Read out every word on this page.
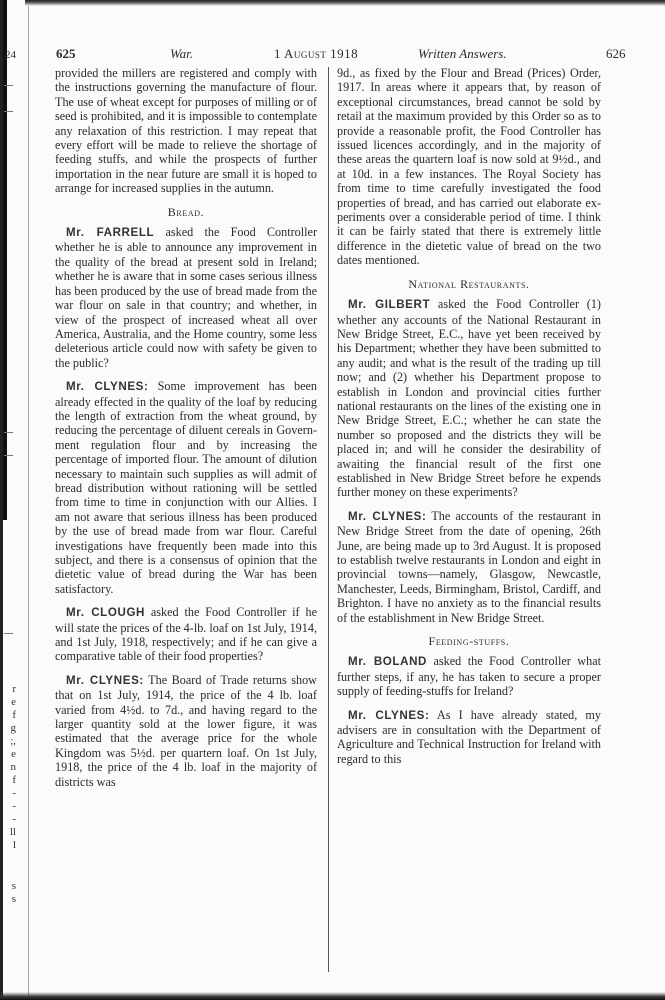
24
r
e
f
g
;,
e
n
f
-
-
-
ll
l
s
s
625	War.	1 August 1918	Written Answers.	626

provided the millers are registered and comply with the instructions governing the manufacture of flour. The use of wheat except for purposes of milling or of seed is prohibited, and it is impossible to contemplate any relaxation of this restriction. I may repeat that every effort will be made to relieve the shortage of feeding stuffs, and while the prospects of further importation in the near future are small it is hoped to arrange for increased supplies in the autumn.

Bread.

Mr. FARRELL asked the Food Controller whether he is able to announce any improvement in the quality of the bread at present sold in Ireland; whether he is aware that in some cases serious illness has been produced by the use of bread made from the war flour on sale in that country; and whether, in view of the prospect of increased wheat all over America, Australia, and the Home country, some less deleterious article could now with safety be given to the public?

Mr. CLYNES: Some improvement has been already effected in the quality of the loaf by reducing the length of extraction from the wheat ground, by reducing the percentage of diluent cereals in Government regulation flour and by increasing the percentage of imported flour. The amount of dilution necessary to maintain such supplies as will admit of bread distribution without rationing will be settled from time to time in conjunction with our Allies. I am not aware that serious illness has been produced by the use of bread made from war flour. Careful investigations have frequently been made into this subject, and there is a consensus of opinion that the dietetic value of bread during the War has been satisfactory.

Mr. CLOUGH asked the Food Controller if he will state the prices of the 4-lb. loaf on 1st July, 1914, and 1st July, 1918, respectively; and if he can give a comparative table of their food properties?

Mr. CLYNES: The Board of Trade returns show that on 1st July, 1914, the price of the 4 lb. loaf varied from 4½d. to 7d., and having regard to the larger quantity sold at the lower figure, it was estimated that the average price for the whole Kingdom was 5½d. per quartern loaf. On 1st July, 1918, the price of the 4 lb. loaf in the majority of districts was

9d., as fixed by the Flour and Bread (Prices) Order, 1917. In areas where it appears that, by reason of exceptional circumstances, bread cannot be sold by retail at the maximum provided by this Order so as to provide a reasonable profit, the Food Controller has issued licences accordingly, and in the majority of these areas the quartern loaf is now sold at 9½d., and at 10d. in a few instances. The Royal Society has from time to time carefully investigated the food properties of bread, and has carried out elaborate experiments over a considerable period of time. I think it can be fairly stated that there is extremely little difference in the dietetic value of bread on the two dates mentioned.

National Restaurants.

Mr. GILBERT asked the Food Controller (1) whether any accounts of the National Restaurant in New Bridge Street, E.C., have yet been received by his Department; whether they have been submitted to any audit; and what is the result of the trading up till now; and (2) whether his Department propose to establish in London and provincial cities further national restaurants on the lines of the existing one in New Bridge Street, E.C.; whether he can state the number so proposed and the districts they will be placed in; and will he consider the desirability of awaiting the financial result of the first one established in New Bridge Street before he expends further money on these experiments?

Mr. CLYNES: The accounts of the restaurant in New Bridge Street from the date of opening, 26th June, are being made up to 3rd August. It is proposed to establish twelve restaurants in London and eight in provincial towns—namely, Glasgow, Newcastle, Manchester, Leeds, Birmingham, Bristol, Cardiff, and Brighton. I have no anxiety as to the financial results of the establishment in New Bridge Street.

Feeding-stuffs.

Mr. BOLAND asked the Food Controller what further steps, if any, he has taken to secure a proper supply of feeding-stuffs for Ireland?

Mr. CLYNES: As I have already stated, my advisers are in consultation with the Department of Agriculture and Technical Instruction for Ireland with regard to this
